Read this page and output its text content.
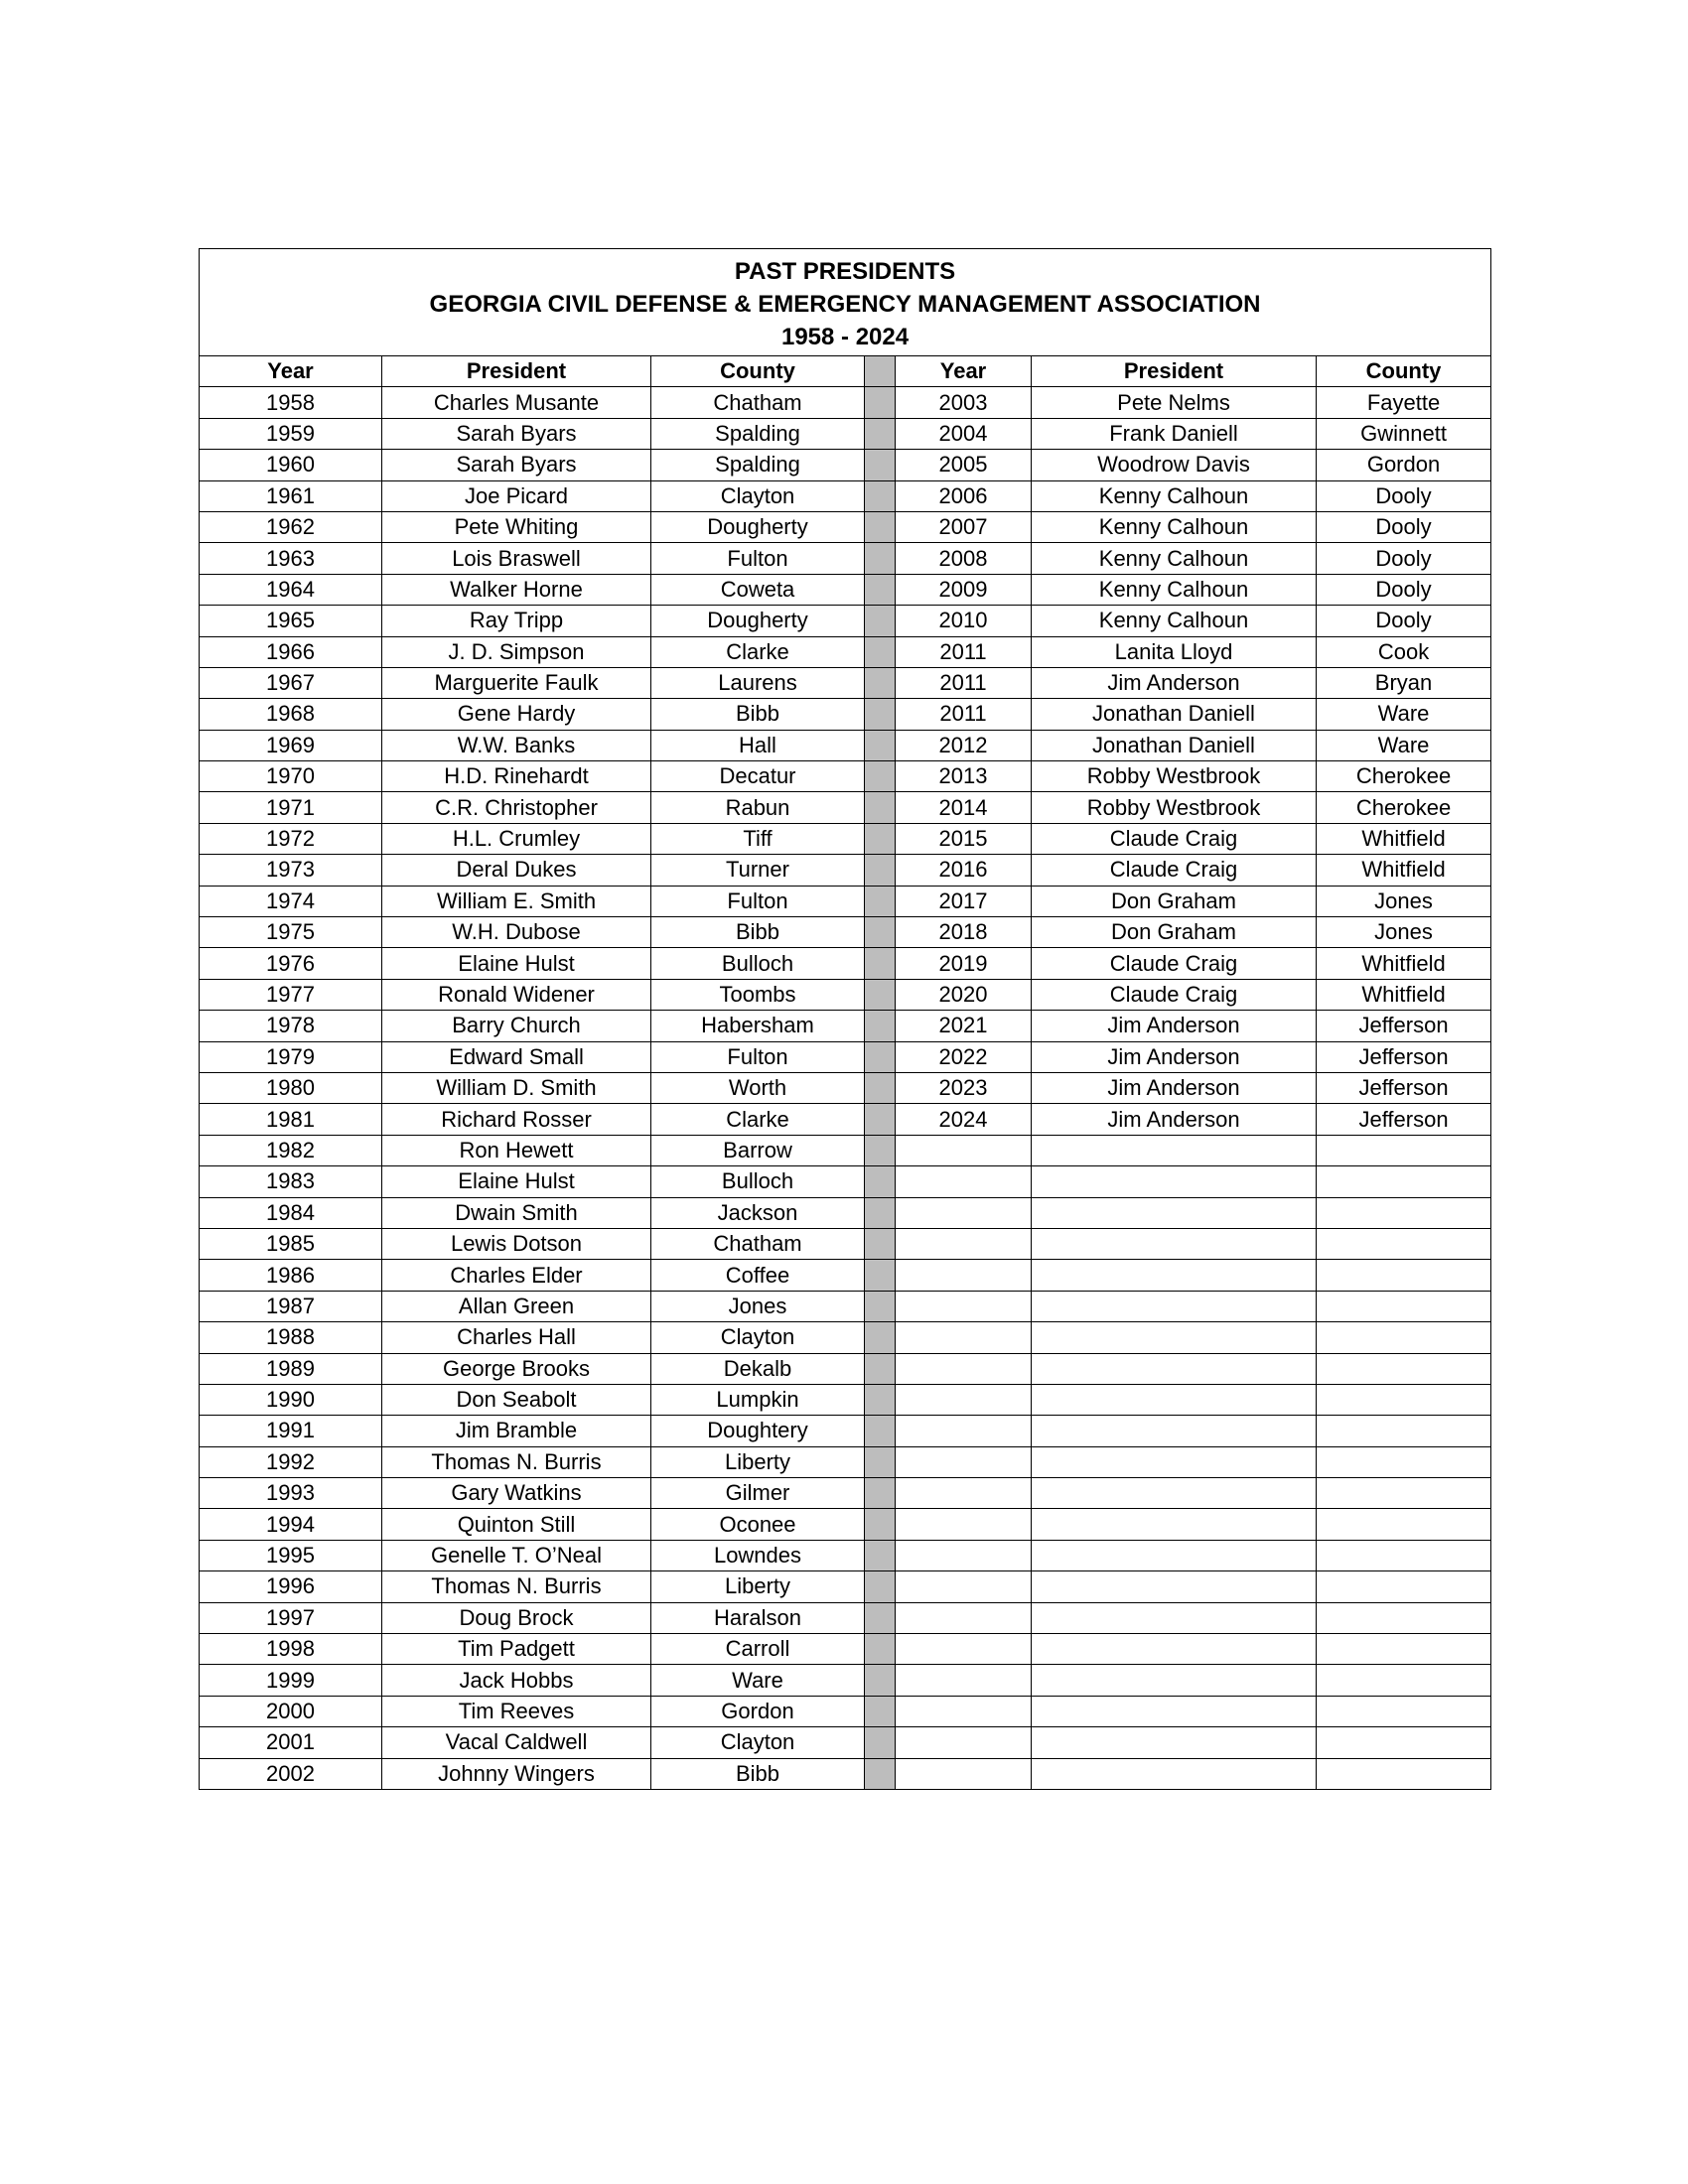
PAST PRESIDENTS
GEORGIA CIVIL DEFENSE & EMERGENCY MANAGEMENT ASSOCIATION
1958 - 2024						

Year	President	County		Year	President	County
1958	Charles Musante	Chatham		2003	Pete Nelms	Fayette
1959	Sarah Byars	Spalding		2004	Frank Daniell	Gwinnett
1960	Sarah Byars	Spalding		2005	Woodrow Davis	Gordon
1961	Joe Picard	Clayton		2006	Kenny Calhoun	Dooly
1962	Pete Whiting	Dougherty		2007	Kenny Calhoun	Dooly
1963	Lois Braswell	Fulton		2008	Kenny Calhoun	Dooly
1964	Walker Horne	Coweta		2009	Kenny Calhoun	Dooly
1965	Ray Tripp	Dougherty		2010	Kenny Calhoun	Dooly
1966	J. D. Simpson	Clarke		2011	Lanita Lloyd	Cook
1967	Marguerite Faulk	Laurens		2011	Jim Anderson	Bryan
1968	Gene Hardy	Bibb		2011	Jonathan Daniell	Ware
1969	W.W. Banks	Hall		2012	Jonathan Daniell	Ware
1970	H.D. Rinehardt	Decatur		2013	Robby Westbrook	Cherokee
1971	C.R. Christopher	Rabun		2014	Robby Westbrook	Cherokee
1972	H.L. Crumley	Tiff		2015	Claude Craig	Whitfield
1973	Deral Dukes	Turner		2016	Claude Craig	Whitfield
1974	William E. Smith	Fulton		2017	Don Graham	Jones
1975	W.H. Dubose	Bibb		2018	Don Graham	Jones
1976	Elaine Hulst	Bulloch		2019	Claude Craig	Whitfield
1977	Ronald Widener	Toombs		2020	Claude Craig	Whitfield
1978	Barry Church	Habersham		2021	Jim Anderson	Jefferson
1979	Edward Small	Fulton		2022	Jim Anderson	Jefferson
1980	William D. Smith	Worth		2023	Jim Anderson	Jefferson
1981	Richard Rosser	Clarke		2024	Jim Anderson	Jefferson
1982	Ron Hewett	Barrow				
1983	Elaine Hulst	Bulloch				
1984	Dwain Smith	Jackson				
1985	Lewis Dotson	Chatham				
1986	Charles Elder	Coffee				
1987	Allan Green	Jones				
1988	Charles Hall	Clayton				
1989	George Brooks	Dekalb				
1990	Don Seabolt	Lumpkin				
1991	Jim Bramble	Doughtery				
1992	Thomas N. Burris	Liberty				
1993	Gary Watkins	Gilmer				
1994	Quinton Still	Oconee				
1995	Genelle T. O’Neal	Lowndes				
1996	Thomas N. Burris	Liberty				
1997	Doug Brock	Haralson				
1998	Tim Padgett	Carroll				
1999	Jack Hobbs	Ware				
2000	Tim Reeves	Gordon				
2001	Vacal Caldwell	Clayton				
2002	Johnny Wingers	Bibb				
